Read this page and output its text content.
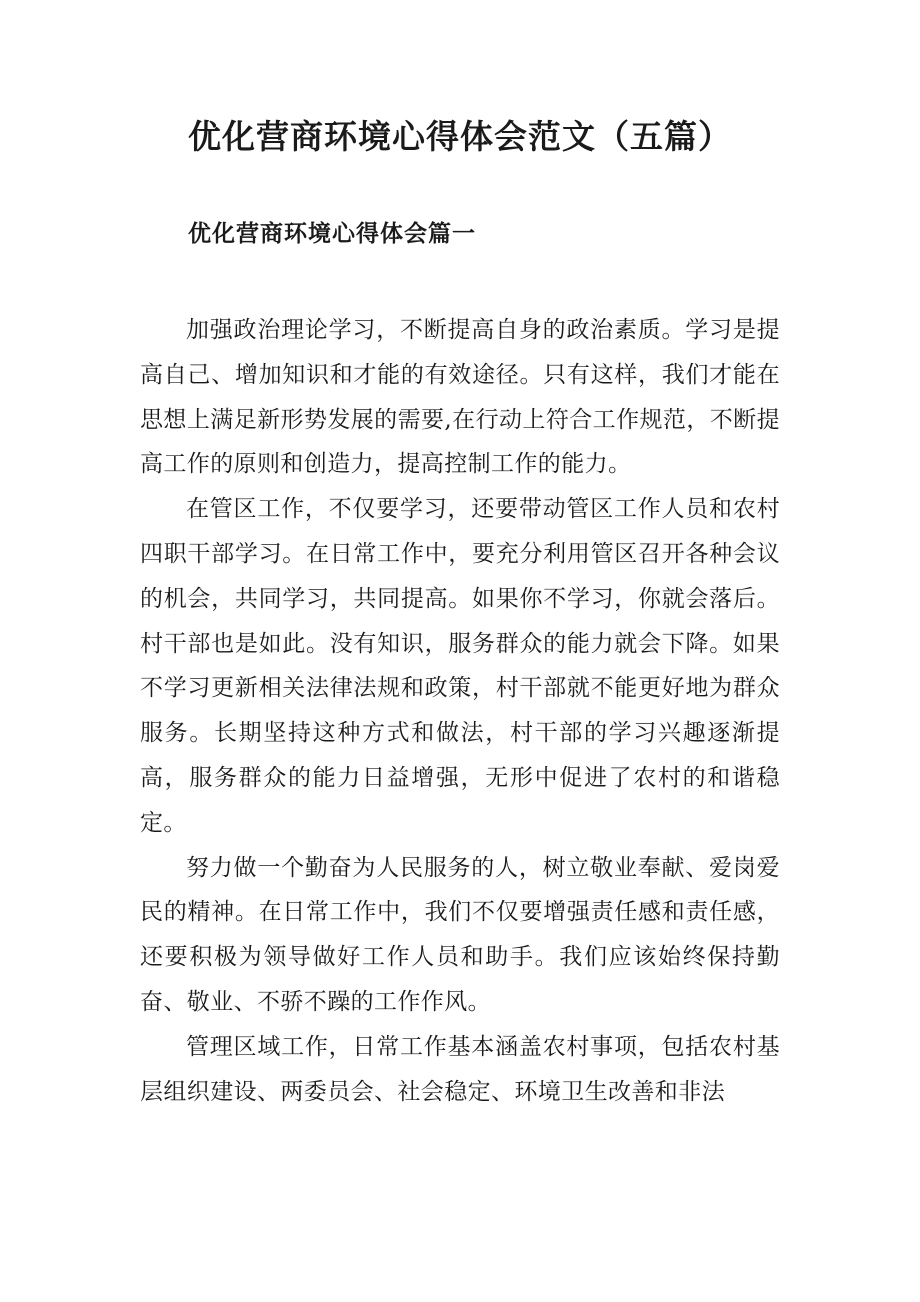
优化营商环境心得体会范文（五篇）
优化营商环境心得体会篇一

加强政治理论学习，不断提高自身的政治素质。学习是提高自己、增加知识和才能的有效途径。只有这样，我们才能在思想上满足新形势发展的需要,在行动上符合工作规范，不断提高工作的原则和创造力，提高控制工作的能力。

在管区工作，不仅要学习，还要带动管区工作人员和农村四职干部学习。在日常工作中，要充分利用管区召开各种会议的机会，共同学习，共同提高。如果你不学习，你就会落后。村干部也是如此。没有知识，服务群众的能力就会下降。如果不学习更新相关法律法规和政策，村干部就不能更好地为群众服务。长期坚持这种方式和做法，村干部的学习兴趣逐渐提高，服务群众的能力日益增强，无形中促进了农村的和谐稳定。

努力做一个勤奋为人民服务的人，树立敬业奉献、爱岗爱民的精神。在日常工作中，我们不仅要增强责任感和责任感，还要积极为领导做好工作人员和助手。我们应该始终保持勤奋、敬业、不骄不躁的工作作风。

管理区域工作，日常工作基本涵盖农村事项，包括农村基层组织建设、两委员会、社会稳定、环境卫生改善和非法
